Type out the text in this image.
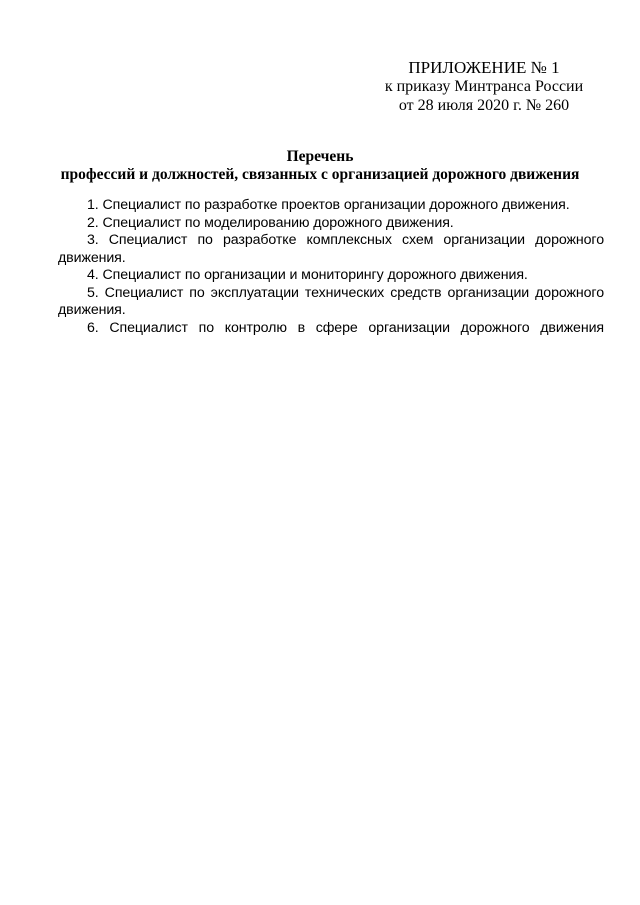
ПРИЛОЖЕНИЕ № 1
к приказу Минтранса России
от 28 июля 2020 г. № 260
Перечень
профессий и должностей, связанных с организацией дорожного движения

1. Специалист по разработке проектов организации дорожного движения.

2. Специалист по моделированию дорожного движения.

3. Специалист по разработке комплексных схем организации дорожного движения.

4. Специалист по организации и мониторингу дорожного движения.

5. Специалист по эксплуатации технических средств организации дорожного движения.

6. Специалист по контролю в сфере организации дорожного движения
